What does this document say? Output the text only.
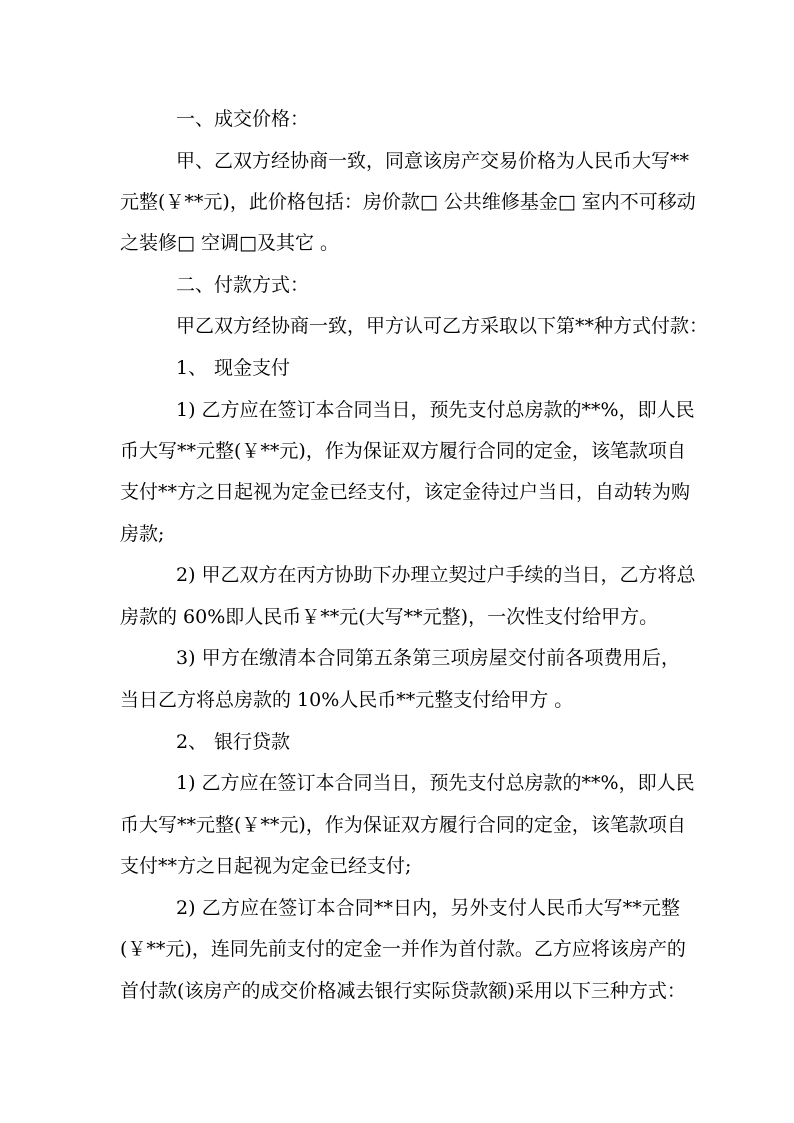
一、成交价格：
甲、乙双方经协商一致，同意该房产交易价格为人民币大写**
元整(￥**元)，此价格包括：房价款□ 公共维修基金□ 室内不可移动
之装修□ 空调□及其它 。
二、付款方式：
甲乙双方经协商一致，甲方认可乙方采取以下第**种方式付款：
1、 现金支付
1) 乙方应在签订本合同当日，预先支付总房款的**%，即人民
币大写**元整(￥**元)，作为保证双方履行合同的定金，该笔款项自
支付**方之日起视为定金已经支付，该定金待过户当日，自动转为购
房款;
2) 甲乙双方在丙方协助下办理立契过户手续的当日，乙方将总
房款的 60%即人民币￥**元(大写**元整)，一次性支付给甲方。
3) 甲方在缴清本合同第五条第三项房屋交付前各项费用后，
当日乙方将总房款的 10%人民币**元整支付给甲方 。
2、 银行贷款
1) 乙方应在签订本合同当日，预先支付总房款的**%，即人民
币大写**元整(￥**元)，作为保证双方履行合同的定金，该笔款项自
支付**方之日起视为定金已经支付;
2) 乙方应在签订本合同**日内，另外支付人民币大写**元整
(￥**元)，连同先前支付的定金一并作为首付款。乙方应将该房产的
首付款(该房产的成交价格减去银行实际贷款额)采用以下三种方式：
